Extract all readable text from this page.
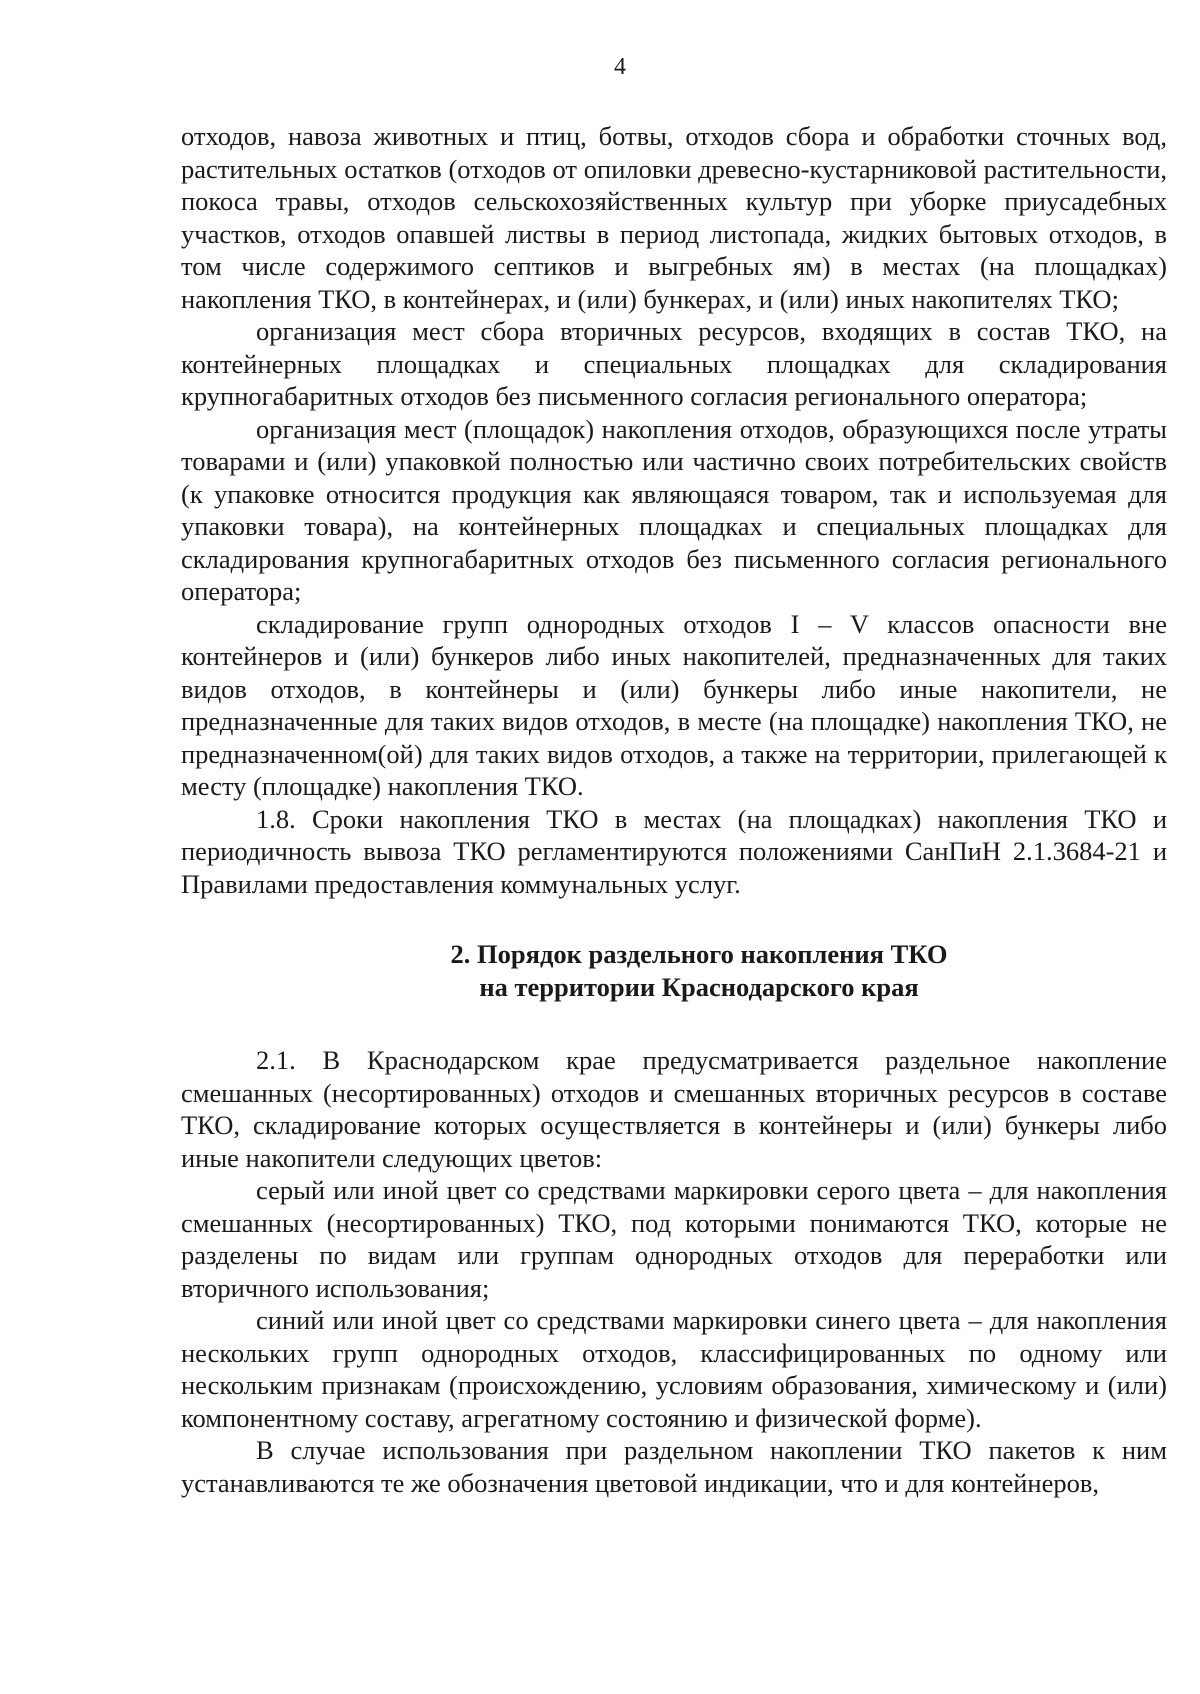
4

отходов, навоза животных и птиц, ботвы, отходов сбора и обработки сточных вод, растительных остатков (отходов от опиловки древесно-кустарниковой растительности, покоса травы, отходов сельскохозяйственных культур при уборке приусадебных участков, отходов опавшей листвы в период листопада, жидких бытовых отходов, в том числе содержимого септиков и выгребных ям) в местах (на площадках) накопления ТКО, в контейнерах, и (или) бункерах, и (или) иных накопителях ТКО;

организация мест сбора вторичных ресурсов, входящих в состав ТКО, на контейнерных площадках и специальных площадках для складирования крупногабаритных отходов без письменного согласия регионального оператора;

организация мест (площадок) накопления отходов, образующихся после утраты товарами и (или) упаковкой полностью или частично своих потребительских свойств (к упаковке относится продукция как являющаяся товаром, так и используемая для упаковки товара), на контейнерных площадках и специальных площадках для складирования крупногабаритных отходов без письменного согласия регионального оператора;

складирование групп однородных отходов I – V классов опасности вне контейнеров и (или) бункеров либо иных накопителей, предназначенных для таких видов отходов, в контейнеры и (или) бункеры либо иные накопители, не предназначенные для таких видов отходов, в месте (на площадке) накопления ТКО, не предназначенном(ой) для таких видов отходов, а также на территории, прилегающей к месту (площадке) накопления ТКО.

1.8. Сроки накопления ТКО в местах (на площадках) накопления ТКО и периодичность вывоза ТКО регламентируются положениями СанПиН 2.1.3684-21 и Правилами предоставления коммунальных услуг.

2. Порядок раздельного накопления ТКО
на территории Краснодарского края

2.1. В Краснодарском крае предусматривается раздельное накопление смешанных (несортированных) отходов и смешанных вторичных ресурсов в составе ТКО, складирование которых осуществляется в контейнеры и (или) бункеры либо иные накопители следующих цветов:

серый или иной цвет со средствами маркировки серого цвета – для накопления смешанных (несортированных) ТКО, под которыми понимаются ТКО, которые не разделены по видам или группам однородных отходов для переработки или вторичного использования;

синий или иной цвет со средствами маркировки синего цвета – для накопления нескольких групп однородных отходов, классифицированных по одному или нескольким признакам (происхождению, условиям образования, химическому и (или) компонентному составу, агрегатному состоянию и физической форме).

В случае использования при раздельном накоплении ТКО пакетов к ним устанавливаются те же обозначения цветовой индикации, что и для контейнеров,
